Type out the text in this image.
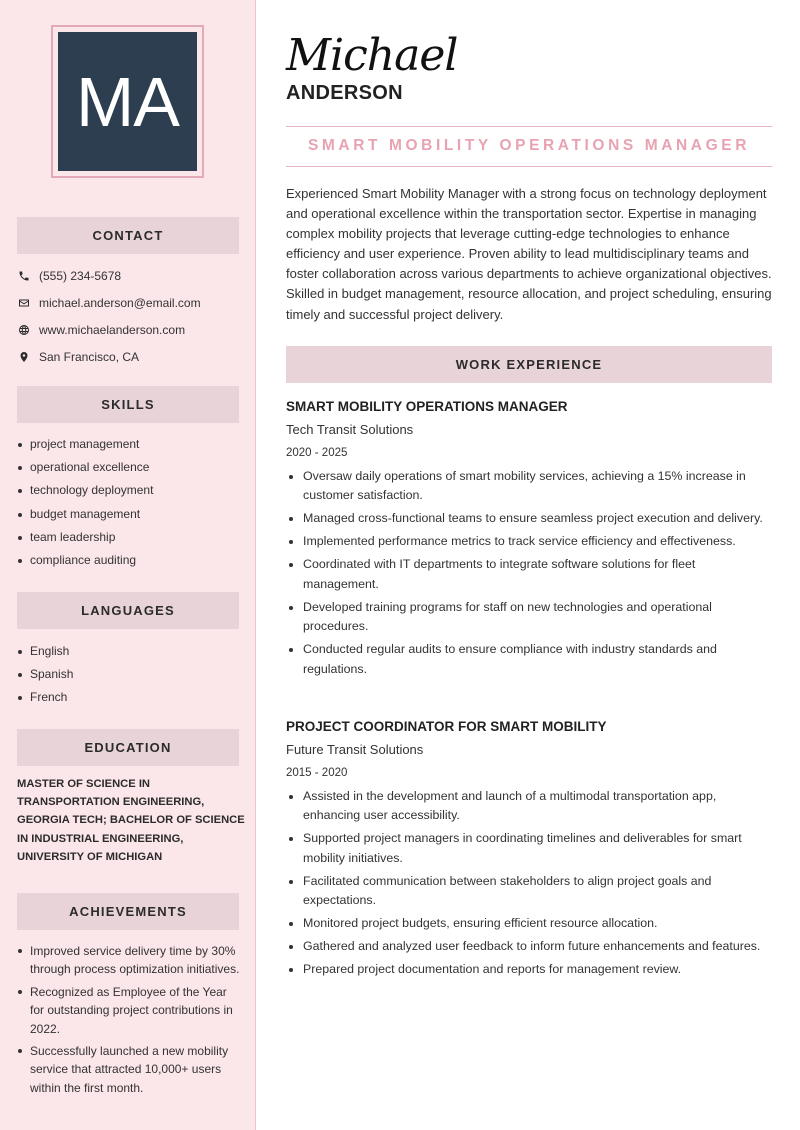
MA
CONTACT
(555) 234-5678
michael.anderson@email.com
www.michaelanderson.com
San Francisco, CA
SKILLS
project management
operational excellence
technology deployment
budget management
team leadership
compliance auditing
LANGUAGES
English
Spanish
French
EDUCATION
MASTER OF SCIENCE IN TRANSPORTATION ENGINEERING, GEORGIA TECH; BACHELOR OF SCIENCE IN INDUSTRIAL ENGINEERING, UNIVERSITY OF MICHIGAN
ACHIEVEMENTS
Improved service delivery time by 30% through process optimization initiatives.
Recognized as Employee of the Year for outstanding project contributions in 2022.
Successfully launched a new mobility service that attracted 10,000+ users within the first month.
Michael
ANDERSON
SMART MOBILITY OPERATIONS MANAGER

Experienced Smart Mobility Manager with a strong focus on technology deployment and operational excellence within the transportation sector. Expertise in managing complex mobility projects that leverage cutting-edge technologies to enhance efficiency and user experience. Proven ability to lead multidisciplinary teams and foster collaboration across various departments to achieve organizational objectives. Skilled in budget management, resource allocation, and project scheduling, ensuring timely and successful project delivery.

WORK EXPERIENCE
SMART MOBILITY OPERATIONS MANAGER
Tech Transit Solutions
2020 - 2025
Oversaw daily operations of smart mobility services, achieving a 15% increase in customer satisfaction.
Managed cross-functional teams to ensure seamless project execution and delivery.
Implemented performance metrics to track service efficiency and effectiveness.
Coordinated with IT departments to integrate software solutions for fleet management.
Developed training programs for staff on new technologies and operational procedures.
Conducted regular audits to ensure compliance with industry standards and regulations.
PROJECT COORDINATOR FOR SMART MOBILITY
Future Transit Solutions
2015 - 2020
Assisted in the development and launch of a multimodal transportation app, enhancing user accessibility.
Supported project managers in coordinating timelines and deliverables for smart mobility initiatives.
Facilitated communication between stakeholders to align project goals and expectations.
Monitored project budgets, ensuring efficient resource allocation.
Gathered and analyzed user feedback to inform future enhancements and features.
Prepared project documentation and reports for management review.
